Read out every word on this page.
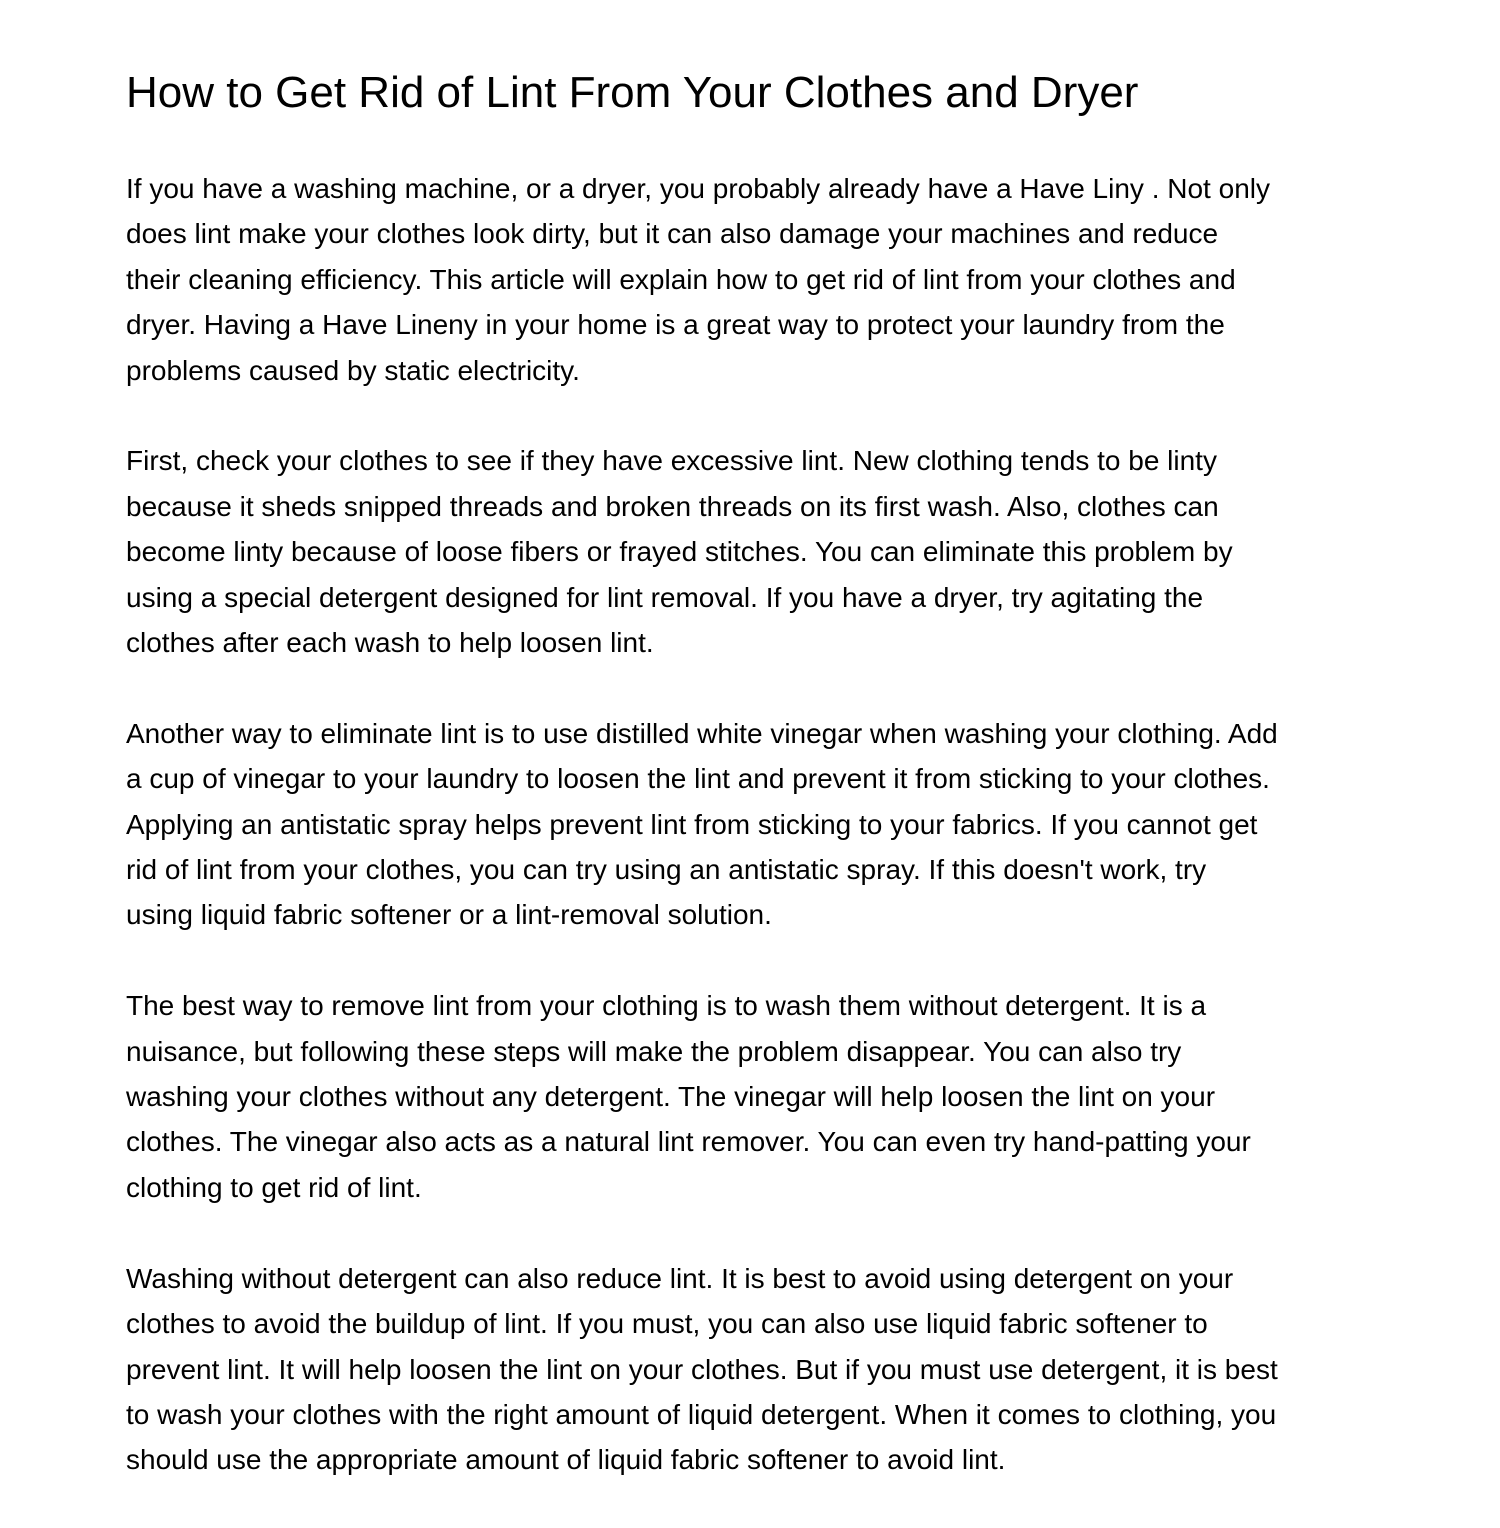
How to Get Rid of Lint From Your Clothes and Dryer
If you have a washing machine, or a dryer, you probably already have a Have Liny . Not only
does lint make your clothes look dirty, but it can also damage your machines and reduce
their cleaning efficiency. This article will explain how to get rid of lint from your clothes and
dryer. Having a Have Lineny in your home is a great way to protect your laundry from the
problems caused by static electricity.
First, check your clothes to see if they have excessive lint. New clothing tends to be linty
because it sheds snipped threads and broken threads on its first wash. Also, clothes can
become linty because of loose fibers or frayed stitches. You can eliminate this problem by
using a special detergent designed for lint removal. If you have a dryer, try agitating the
clothes after each wash to help loosen lint.
Another way to eliminate lint is to use distilled white vinegar when washing your clothing. Add
a cup of vinegar to your laundry to loosen the lint and prevent it from sticking to your clothes.
Applying an antistatic spray helps prevent lint from sticking to your fabrics. If you cannot get
rid of lint from your clothes, you can try using an antistatic spray. If this doesn't work, try
using liquid fabric softener or a lint-removal solution.
The best way to remove lint from your clothing is to wash them without detergent. It is a
nuisance, but following these steps will make the problem disappear. You can also try
washing your clothes without any detergent. The vinegar will help loosen the lint on your
clothes. The vinegar also acts as a natural lint remover. You can even try hand-patting your
clothing to get rid of lint.
Washing without detergent can also reduce lint. It is best to avoid using detergent on your
clothes to avoid the buildup of lint. If you must, you can also use liquid fabric softener to
prevent lint. It will help loosen the lint on your clothes. But if you must use detergent, it is best
to wash your clothes with the right amount of liquid detergent. When it comes to clothing, you
should use the appropriate amount of liquid fabric softener to avoid lint.
